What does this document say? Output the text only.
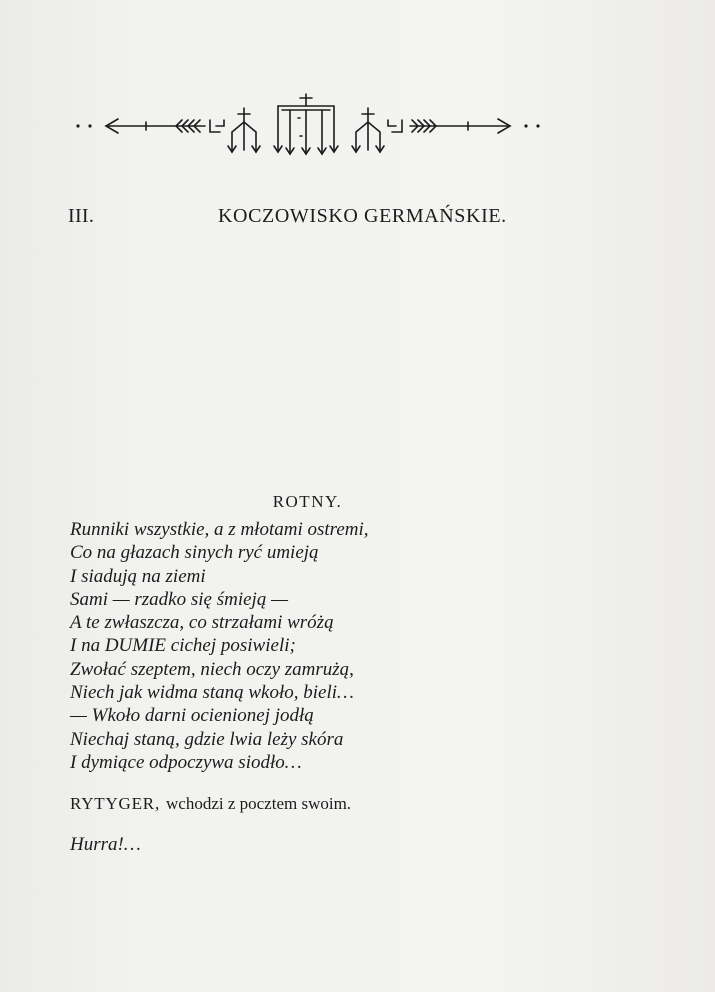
III.	KOCZOWISKO GERMAŃSKIE.
ROTNY.
Runniki wszystkie, a z młotami ostremi,
Co na głazach sinych ryć umieją
I siadują na ziemi
Sami — rzadko się śmieją —
A te zwłaszcza, co strzałami wróżą
I na DUMIE cichej posiwieli;
Zwołać szeptem, niech oczy zamrużą,
Niech jak widma staną wkoło, bieli…
— Wkoło darni ocienionej jodłą
Niechaj staną, gdzie lwia leży skóra
I dymiące odpoczywa siodło…
RYTYGER, wchodzi z pocztem swoim.
Hurra!…
